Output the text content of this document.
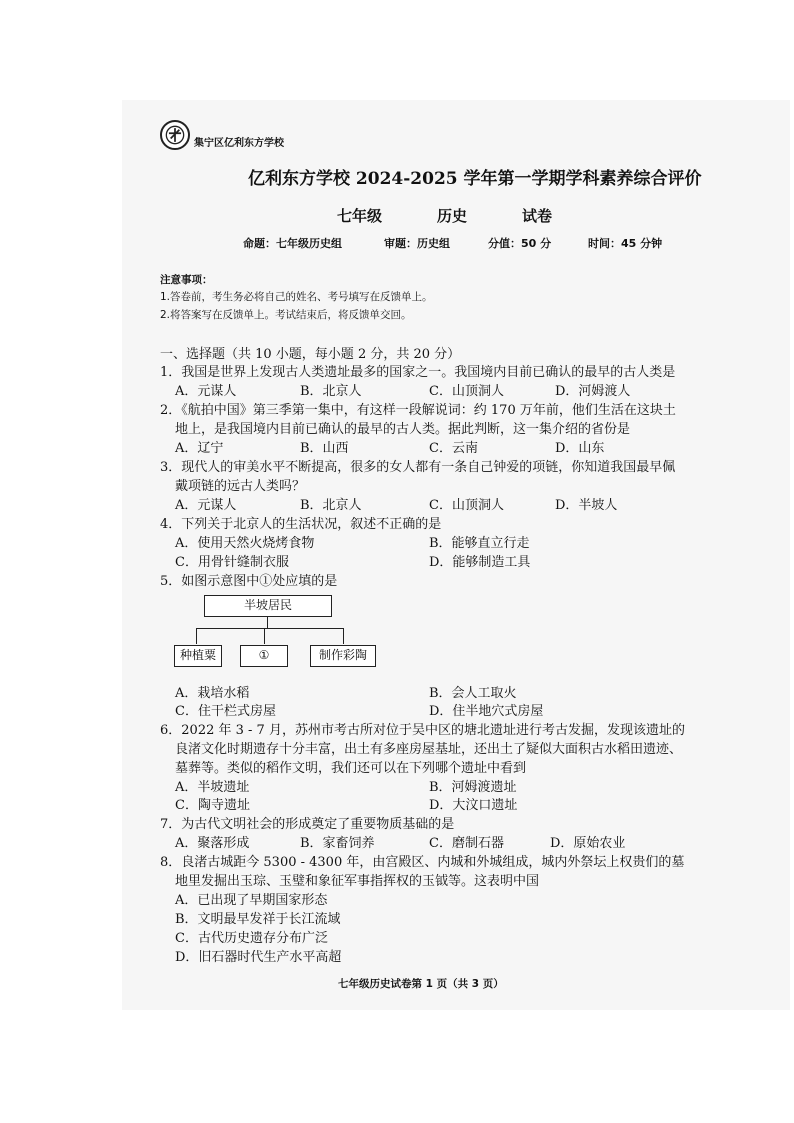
集宁区亿利东方学校
亿利东方学校 2024-2025 学年第一学期学科素养综合评价
七年级	历史	试卷
命题：七年级历史组	审题：历史组	分值：50 分	时间：45 分钟
注意事项：
1.答卷前，考生务必将自己的姓名、考号填写在反馈单上。
2.将答案写在反馈单上。考试结束后，将反馈单交回。
一、选择题（共 10 小题，每小题 2 分，共 20 分）
1．我国是世界上发现古人类遗址最多的国家之一。我国境内目前已确认的最早的古人类是
A．元谋人	B．北京人	C．山顶洞人	D．河姆渡人
2．《航拍中国》第三季第一集中，有这样一段解说词：约 170 万年前，他们生活在这块土
地上，是我国境内目前已确认的最早的古人类。据此判断，这一集介绍的省份是
A．辽宁	B．山西	C．云南	D．山东
3．现代人的审美水平不断提高，很多的女人都有一条自己钟爱的项链，你知道我国最早佩
戴项链的远古人类吗？
A．元谋人	B．北京人	C．山顶洞人	D．半坡人
4．下列关于北京人的生活状况，叙述不正确的是
A．使用天然火烧烤食物	B．能够直立行走
C．用骨针缝制衣服	D．能够制造工具
5．如图示意图中①处应填的是
半坡居民
种植粟	①	制作彩陶
A．栽培水稻	B．会人工取火
C．住干栏式房屋	D．住半地穴式房屋
6．2022 年 3 - 7 月，苏州市考古所对位于吴中区的塘北遗址进行考古发掘，发现该遗址的
良渚文化时期遗存十分丰富，出土有多座房屋基址，还出土了疑似大面积古水稻田遗迹、
墓葬等。类似的稻作文明，我们还可以在下列哪个遗址中看到
A．半坡遗址	B．河姆渡遗址
C．陶寺遗址	D．大汶口遗址
7．为古代文明社会的形成奠定了重要物质基础的是
A．聚落形成	B．家畜饲养	C．磨制石器	D．原始农业
8．良渚古城距今 5300 - 4300 年，由宫殿区、内城和外城组成，城内外祭坛上权贵们的墓
地里发掘出玉琮、玉璧和象征军事指挥权的玉钺等。这表明中国
A．已出现了早期国家形态
B．文明最早发祥于长江流域
C．古代历史遗存分布广泛
D．旧石器时代生产水平高超
七年级历史试卷第 1 页（共 3 页）
